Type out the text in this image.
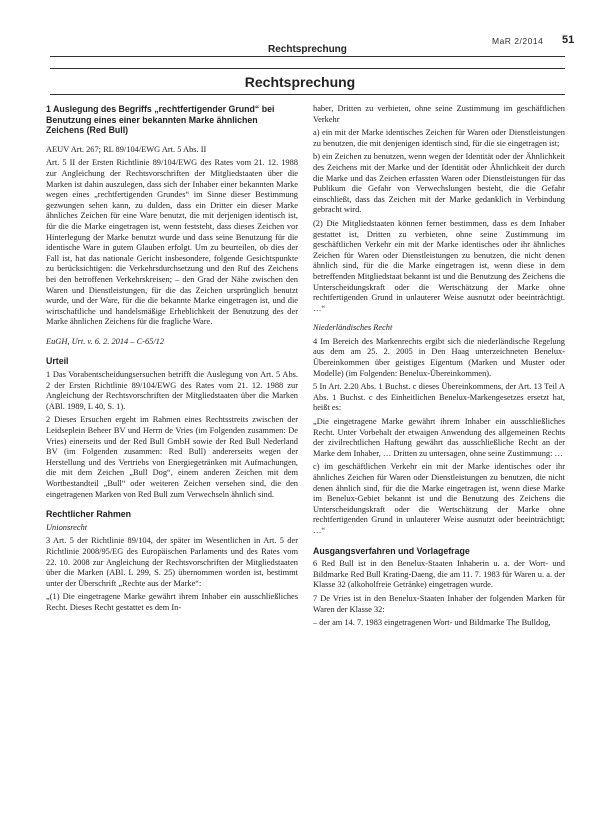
Rechtsprechung
MaR 2/2014 51
Rechtsprechung

1 Auslegung des Begriffs „rechtfertigender Grund“ bei Benutzung eines einer bekannten Marke ähnlichen Zeichens (Red Bull)

AEUV Art. 267; RL 89/104/EWG Art. 5 Abs. II

Art. 5 II der Ersten Richtlinie 89/104/EWG des Rates vom 21. 12. 1988 zur Angleichung der Rechtsvorschriften der Mitgliedstaaten über die Marken ist dahin auszulegen, dass sich der Inhaber einer bekannten Marke wegen eines „rechtfertigenden Grundes“ im Sinne dieser Bestimmung gezwungen sehen kann, zu dulden, dass ein Dritter ein dieser Marke ähnliches Zeichen für eine Ware benutzt, die mit derjenigen identisch ist, für die die Marke eingetragen ist, wenn feststeht, dass dieses Zeichen vor Hinterlegung der Marke benutzt wurde und dass seine Benutzung für die identische Ware in gutem Glauben erfolgt. Um zu beurteilen, ob dies der Fall ist, hat das nationale Gericht insbesondere, folgende Gesichtspunkte zu berücksichtigen: die Verkehrsdurchsetzung und den Ruf des Zeichens bei den betroffenen Verkehrskreisen; – den Grad der Nähe zwischen den Waren und Dienstleistungen, für die das Zeichen ursprünglich benutzt wurde, und der Ware, für die die bekannte Marke eingetragen ist, und die wirtschaftliche und handelsmäßige Erheblichkeit der Benutzung des der Marke ähnlichen Zeichens für die fragliche Ware.

EuGH, Urt. v. 6. 2. 2014 – C-65/12

Urteil

1 Das Vorabentscheidungsersuchen betrifft die Auslegung von Art. 5 Abs. 2 der Ersten Richtlinie 89/104/EWG des Rates vom 21. 12. 1988 zur Angleichung der Rechtsvorschriften der Mitgliedstaaten über die Marken (ABl. 1989, L 40, S. 1).

2 Dieses Ersuchen ergeht im Rahmen eines Rechtsstreits zwischen der Leidseplein Beheer BV und Herrn de Vries (im Folgenden zusammen: De Vries) einerseits und der Red Bull GmbH sowie der Red Bull Nederland BV (im Folgenden zusammen: Red Bull) andererseits wegen der Herstellung und des Vertriebs von Energiegetränken mit Aufmachungen, die mit dem Zeichen „Bull Dog“, einem anderen Zeichen mit dem Wortbestandteil „Bull“ oder weiteren Zeichen versehen sind, die den eingetragenen Marken von Red Bull zum Verwechseln ähnlich sind.

Rechtlicher Rahmen

Unionsrecht

3 Art. 5 der Richtlinie 89/104, der später im Wesentlichen in Art. 5 der Richtlinie 2008/95/EG des Europäischen Parlaments und des Rates vom 22. 10. 2008 zur Angleichung der Rechtsvorschriften der Mitgliedstaaten über die Marken (ABl. L 299, S. 25) übernommen worden ist, bestimmt unter der Überschrift „Rechte aus der Marke“:

„(1) Die eingetragene Marke gewährt ihrem Inhaber ein ausschließliches Recht. Dieses Recht gestattet es dem In-

haber, Dritten zu verbieten, ohne seine Zustimmung im geschäftlichen Verkehr

a) ein mit der Marke identisches Zeichen für Waren oder Dienstleistungen zu benutzen, die mit denjenigen identisch sind, für die sie eingetragen ist;

b) ein Zeichen zu benutzen, wenn wegen der Identität oder der Ähnlichkeit des Zeichens mit der Marke und der Identität oder Ähnlichkeit der durch die Marke und das Zeichen erfassten Waren oder Dienstleistungen für das Publikum die Gefahr von Verwechslungen besteht, die die Gefahr einschließt, dass das Zeichen mit der Marke gedanklich in Verbindung gebracht wird.

(2) Die Mitgliedstaaten können ferner bestimmen, dass es dem Inhaber gestattet ist, Dritten zu verbieten, ohne seine Zustimmung im geschäftlichen Verkehr ein mit der Marke identisches oder ihr ähnliches Zeichen für Waren oder Dienstleistungen zu benutzen, die nicht denen ähnlich sind, für die die Marke eingetragen ist, wenn diese in dem betreffenden Mitgliedstaat bekannt ist und die Benutzung des Zeichens die Unterscheidungskraft oder die Wertschätzung der Marke ohne rechtfertigenden Grund in unlauterer Weise ausnutzt oder beeinträchtigt. …“

Niederländisches Recht

4 Im Bereich des Markenrechts ergibt sich die niederländische Regelung aus dem am 25. 2. 2005 in Den Haag unterzeichneten Benelux-Übereinkommen über geistiges Eigentum (Marken und Muster oder Modelle) (im Folgenden: Benelux-Übereinkommen).

5 In Art. 2.20 Abs. 1 Buchst. c dieses Übereinkommens, der Art. 13 Teil A Abs. 1 Buchst. c des Einheitlichen Benelux-Markengesetzes ersetzt hat, heißt es:

„Die eingetragene Marke gewährt ihrem Inhaber ein ausschließliches Recht. Unter Vorbehalt der etwaigen Anwendung des allgemeinen Rechts der zivilrechtlichen Haftung gewährt das ausschließliche Recht an der Marke dem Inhaber, … Dritten zu untersagen, ohne seine Zustimmung: …

c) im geschäftlichen Verkehr ein mit der Marke identisches oder ihr ähnliches Zeichen für Waren oder Dienstleistungen zu benutzen, die nicht denen ähnlich sind, für die die Marke eingetragen ist, wenn diese Marke im Benelux-Gebiet bekannt ist und die Benutzung des Zeichens die Unterscheidungskraft oder die Wertschätzung der Marke ohne rechtfertigenden Grund in unlauterer Weise ausnutzt oder beeinträchtigt; …“

Ausgangsverfahren und Vorlagefrage

6 Red Bull ist in den Benelux-Staaten Inhaberin u. a. der Wort- und Bildmarke Red Bull Krating-Daeng, die am 11. 7. 1983 für Waren u. a. der Klasse 32 (alkoholfreie Getränke) eingetragen wurde.

7 De Vries ist in den Benelux-Staaten Inhaber der folgenden Marken für Waren der Klasse 32:

– der am 14. 7. 1983 eingetragenen Wort- und Bildmarke The Bulldog,
